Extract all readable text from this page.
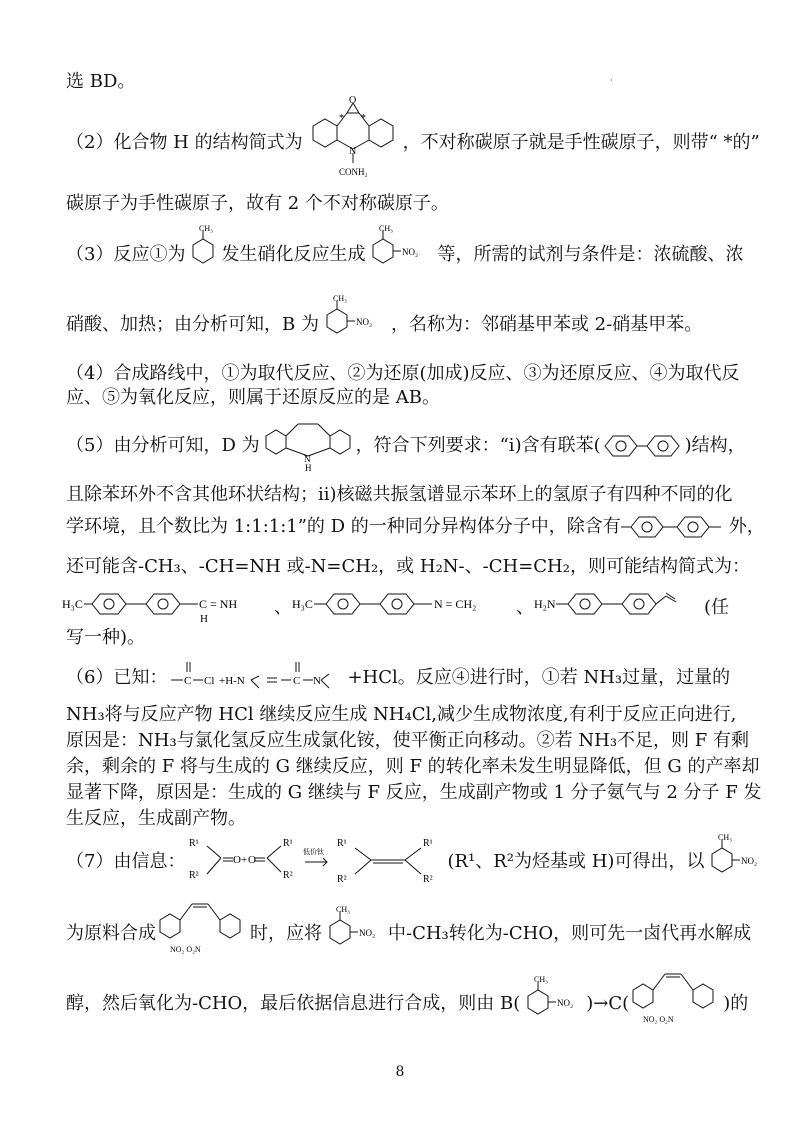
·
选 BD。
（2）化合物 H 的结构简式为
O
* *
N
CONH₂
，不对称碳原子就是手性碳原子，则带“ *的”
碳原子为手性碳原子，故有 2 个不对称碳原子。
（3）反应①为
CH₃
发生硝化反应生成
CH₃
NO₂ 等，所需的试剂与条件是：浓硫酸、浓
硝酸、加热；由分析可知，B 为
CH₃
NO₂ ，名称为：邻硝基甲苯或 2-硝基甲苯。
（4）合成路线中，①为取代反应、②为还原(加成)反应、③为还原反应、④为取代反
应、⑤为氧化反应，则属于还原反应的是 AB。
（5）由分析可知，D 为
N
H
，符合下列要求：“i)含有联苯(	)结构，
且除苯环外不含其他环状结构；ii)核磁共振氢谱显示苯环上的氢原子有四种不同的化
学环境，且个数比为 1:1:1:1”的 D 的一种同分异构体分子中，除含有	外，
还可能含-CH₃、-CH=NH 或-N=CH₂，或 H₂N-、-CH=CH₂，则可能结构简式为：
H₃C	C = NH
H
、 H₃C	N = CH₂ 、 H₂N	(任
写一种)。
（6）已知： C Cl +H-N	C N +HCl。反应④进行时，①若 NH₃过量，过量的
NH₃将与反应产物 HCl 继续反应生成 NH₄Cl,减少生成物浓度,有利于反应正向进行,
原因是：NH₃与氯化氢反应生成氯化铵，使平衡正向移动。②若 NH₃不足，则 F 有剩
余，剩余的 F 将与生成的 G 继续反应，则 F 的转化率未发生明显降低，但 G 的产率却
显著下降，原因是：生成的 G 继续与 F 反应，生成副产物或 1 分子氨气与 2 分子 F 发
生反应，生成副产物。
（7）由信息：
R¹
R²
O + O
R¹
R²
低价钛
R¹
R²
R¹
R²
(R¹、R²为烃基或 H)可得出，以
CH₃
NO₂
为原料合成
NO₂ O₂N
时，应将
CH₃
NO₂ 中-CH₃转化为-CHO，则可先一卤代再水解成
醇，然后氧化为-CHO，最后依据信息进行合成，则由 B(
CH₃
NO₂ )→C(
NO₂ O₂N
)的
8
